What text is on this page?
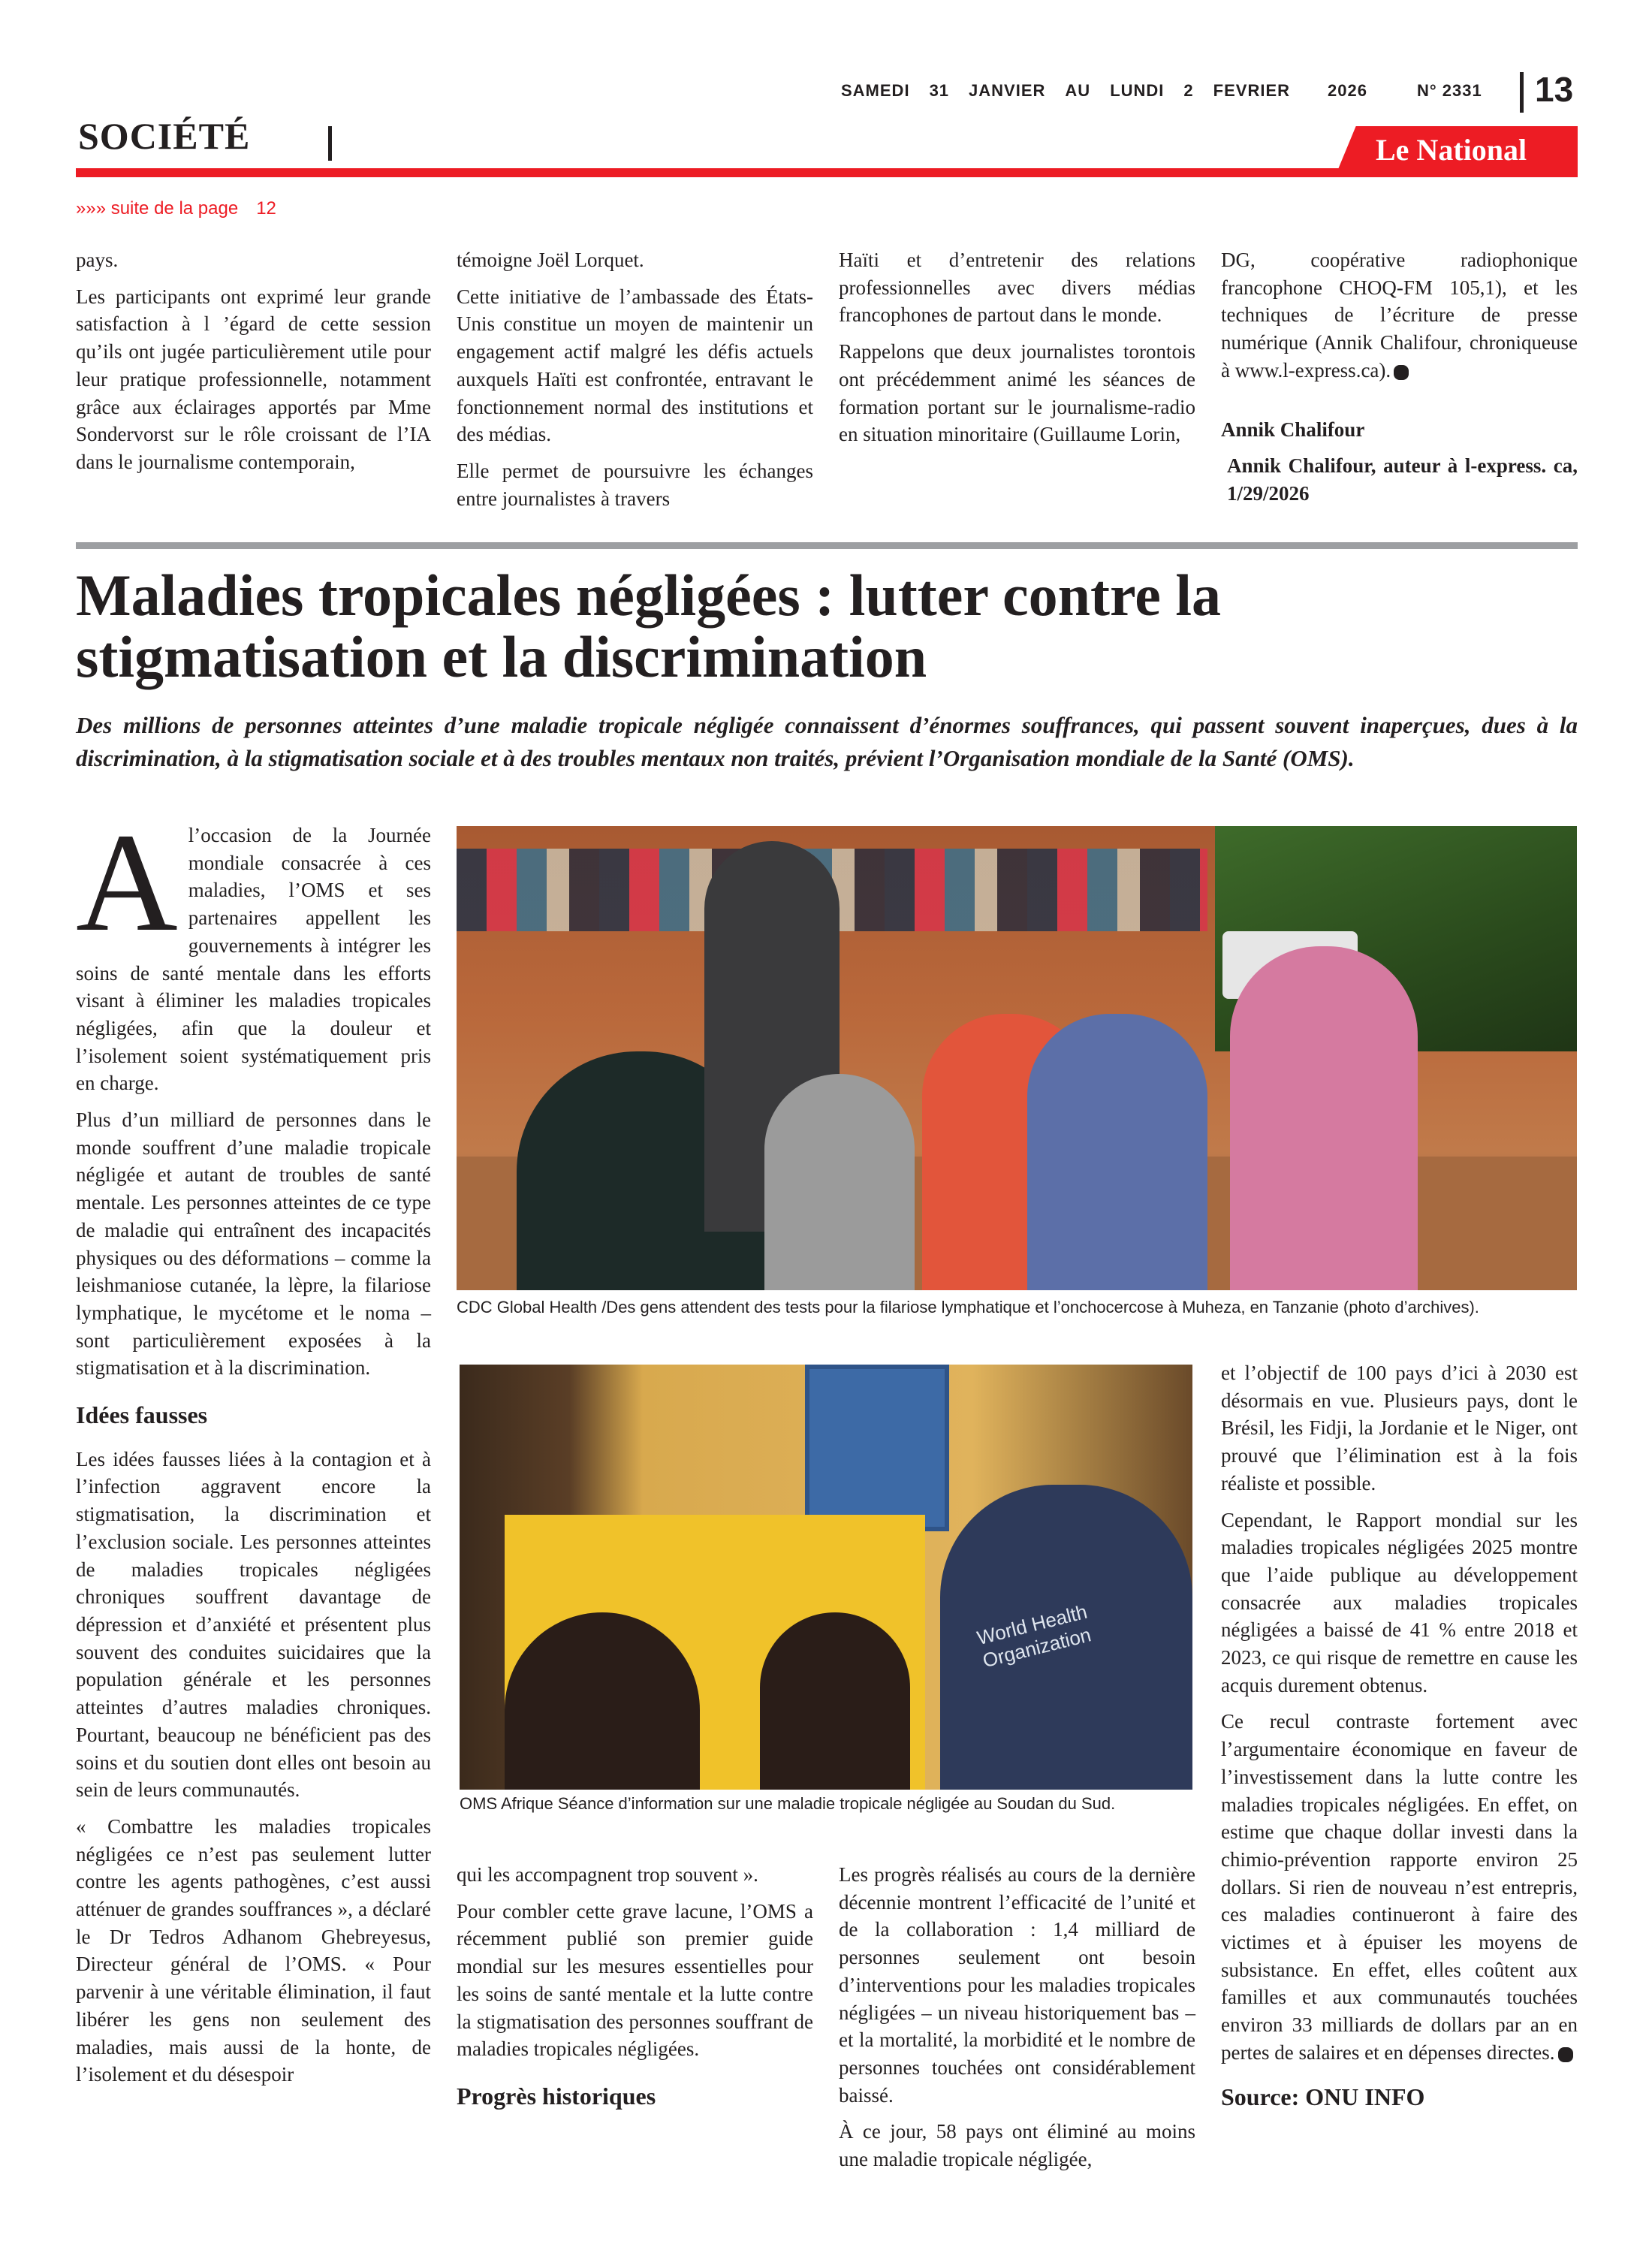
SAMEDI 31 JANVIER AU LUNDI 2 FEVRIER 2026	N° 2331 13
SOCIÉTÉ	Le National
»»» suite de la page 12

pays.

Les participants ont exprimé leur grande satisfaction à l ’égard de cette session qu’ils ont jugée particulièrement utile pour leur pratique professionnelle, notamment grâce aux éclairages apportés par Mme Sondervorst sur le rôle croissant de l’IA dans le journalisme contemporain,

témoigne Joël Lorquet.

Cette initiative de l’ambassade des États-Unis constitue un moyen de maintenir un engagement actif malgré les défis actuels auxquels Haïti est confrontée, entravant le fonctionnement normal des institutions et des médias.

Elle permet de poursuivre les échanges entre journalistes à travers

Haïti et d’entretenir des relations professionnelles avec divers médias francophones de partout dans le monde.

Rappelons que deux journalistes torontois ont précédemment animé les séances de formation portant sur le journalisme-radio en situation minoritaire (Guillaume Lorin,

DG, coopérative radiophonique francophone CHOQ-FM 105,1), et les techniques de l’écriture de presse numérique (Annik Chalifour, chroniqueuse à www.l-express.ca).

Annik Chalifour

Annik Chalifour, auteur à l-express. ca, 1/29/2026

Maladies tropicales négligées : lutter contre la stigmatisation et la discrimination
Des millions de personnes atteintes d’une maladie tropicale négligée connaissent d’énormes souffrances, qui passent souvent inaperçues, dues à la discrimination, à la stigmatisation sociale et à des troubles mentaux non traités, prévient l’Organisation mondiale de la Santé (OMS).

Al’occasion de la Journée mondiale consacrée à ces maladies, l’OMS et ses partenaires appellent les gouvernements à intégrer les soins de santé mentale dans les efforts visant à éliminer les maladies tropicales négligées, afin que la douleur et l’isolement soient systématiquement pris en charge.

Plus d’un milliard de personnes dans le monde souffrent d’une maladie tropicale négligée et autant de troubles de santé mentale. Les personnes atteintes de ce type de maladie qui entraînent des incapacités physiques ou des déformations – comme la leishmaniose cutanée, la lèpre, la filariose lymphatique, le mycétome et le noma – sont particulièrement exposées à la stigmatisation et à la discrimination.

Idées fausses

Les idées fausses liées à la contagion et à l’infection aggravent encore la stigmatisation, la discrimination et l’exclusion sociale. Les personnes atteintes de maladies tropicales négligées chroniques souffrent davantage de dépression et d’anxiété et présentent plus souvent des conduites suicidaires que la population générale et les personnes atteintes d’autres maladies chroniques. Pourtant, beaucoup ne bénéficient pas des soins et du soutien dont elles ont besoin au sein de leurs communautés.

« Combattre les maladies tropicales négligées ce n’est pas seulement lutter contre les agents pathogènes, c’est aussi atténuer de grandes souffrances », a déclaré le Dr Tedros Adhanom Ghebreyesus, Directeur général de l’OMS. « Pour parvenir à une véritable élimination, il faut libérer les gens non seulement des maladies, mais aussi de la honte, de l’isolement et du désespoir

CDC Global Health /Des gens attendent des tests pour la filariose lymphatique et l’onchocercose à Muheza, en Tanzanie (photo d’archives).
World Health Organization
OMS Afrique Séance d’information sur une maladie tropicale négligée au Soudan du Sud.

qui les accompagnent trop souvent ».

Pour combler cette grave lacune, l’OMS a récemment publié son premier guide mondial sur les mesures essentielles pour les soins de santé mentale et la lutte contre la stigmatisation des personnes souffrant de maladies tropicales négligées.

Progrès historiques

Les progrès réalisés au cours de la dernière décennie montrent l’efficacité de l’unité et de la collaboration : 1,4 milliard de personnes seulement ont besoin d’interventions pour les maladies tropicales négligées – un niveau historiquement bas – et la mortalité, la morbidité et le nombre de personnes touchées ont considérablement baissé.

À ce jour, 58 pays ont éliminé au moins une maladie tropicale négligée,

et l’objectif de 100 pays d’ici à 2030 est désormais en vue. Plusieurs pays, dont le Brésil, les Fidji, la Jordanie et le Niger, ont prouvé que l’élimination est à la fois réaliste et possible.

Cependant, le Rapport mondial sur les maladies tropicales négligées 2025 montre que l’aide publique au développement consacrée aux maladies tropicales négligées a baissé de 41 % entre 2018 et 2023, ce qui risque de remettre en cause les acquis durement obtenus.

Ce recul contraste fortement avec l’argumentaire économique en faveur de l’investissement dans la lutte contre les maladies tropicales négligées. En effet, on estime que chaque dollar investi dans la chimio-prévention rapporte environ 25 dollars. Si rien de nouveau n’est entrepris, ces maladies continueront à faire des victimes et à épuiser les moyens de subsistance. En effet, elles coûtent aux familles et aux communautés touchées environ 33 milliards de dollars par an en pertes de salaires et en dépenses directes.

Source: ONU INFO
